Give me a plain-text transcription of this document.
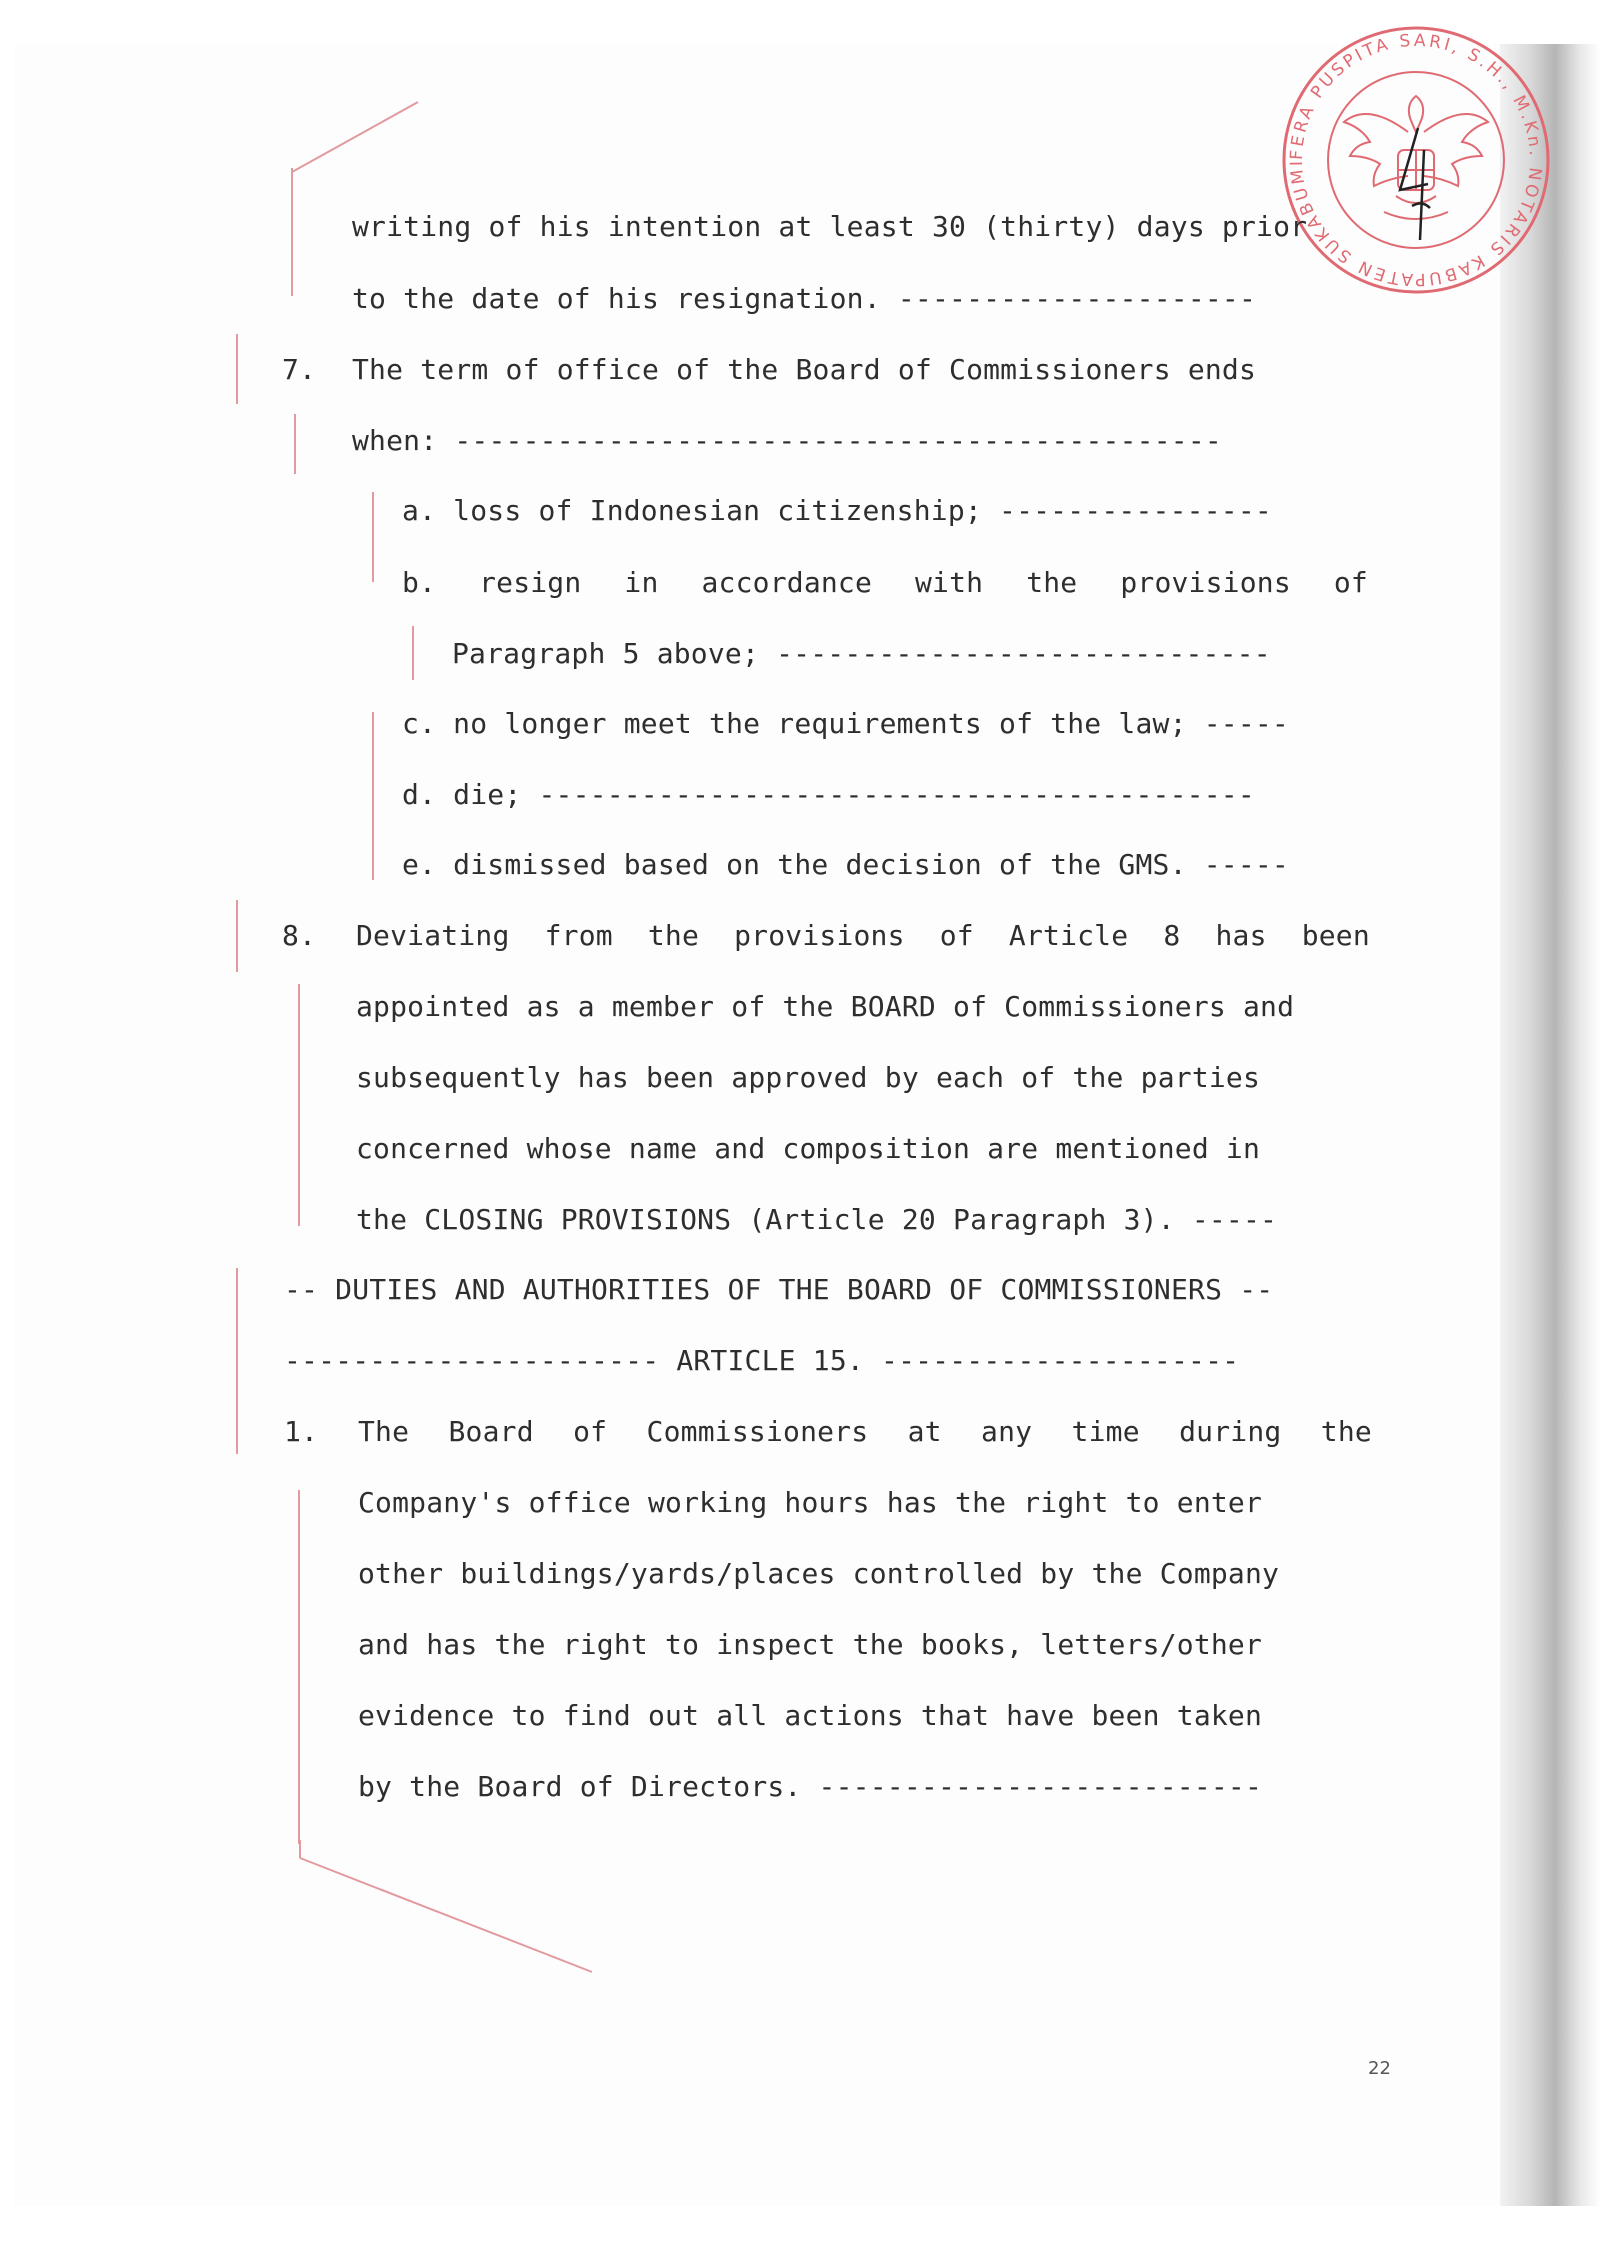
FERA PUSPITA SARI, S.H., M.Kn. NOTARIS KABUPATEN SUKABUMI
writing of his intention at least 30 (thirty) days prior
to the date of his resignation. ---------------------
7. The term of office of the Board of Commissioners ends
when: ---------------------------------------------
a. loss of Indonesian citizenship; ----------------
b. resign in accordance with the provisions of
Paragraph 5 above; -----------------------------
c. no longer meet the requirements of the law; -----
d. die; ------------------------------------------
e. dismissed based on the decision of the GMS. -----
8. Deviating from the provisions of Article 8 has been
appointed as a member of the BOARD of Commissioners and
subsequently has been approved by each of the parties
concerned whose name and composition are mentioned in
the CLOSING PROVISIONS (Article 20 Paragraph 3). -----
-- DUTIES AND AUTHORITIES OF THE BOARD OF COMMISSIONERS --
---------------------- ARTICLE 15. ---------------------
1. The Board of Commissioners at any time during the
Company's office working hours has the right to enter
other buildings/yards/places controlled by the Company
and has the right to inspect the books, letters/other
evidence to find out all actions that have been taken
by the Board of Directors. --------------------------
22
